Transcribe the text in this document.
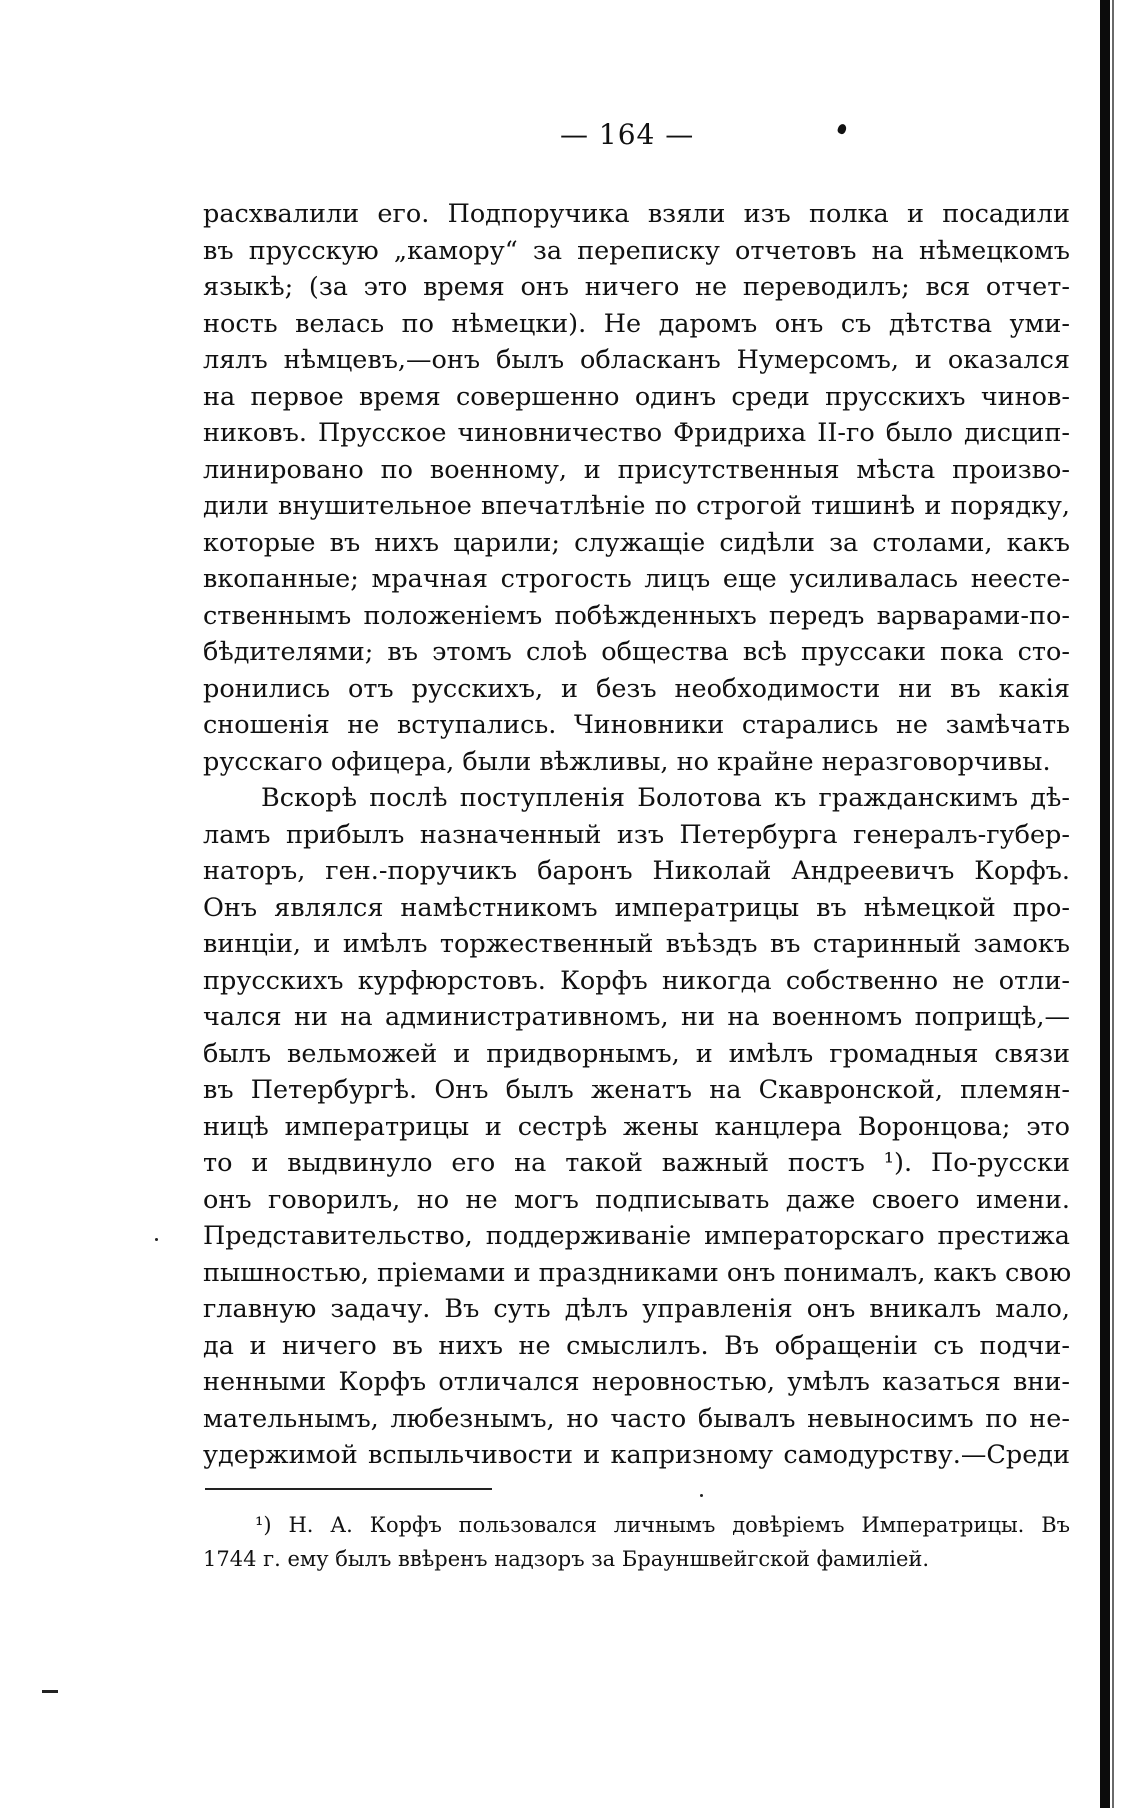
— 164 —
расхвалили его. Подпоручика взяли изъ полка и посадили
въ прусскую „камору“ за переписку отчетовъ на нѣмецкомъ
языкѣ; (за это время онъ ничего не переводилъ; вся отчет-
ность велась по нѣмецки). Не даромъ онъ съ дѣтства уми-
лялъ нѣмцевъ,—онъ былъ обласканъ Нумерсомъ, и оказался
на первое время совершенно одинъ среди прусскихъ чинов-
никовъ. Прусское чиновничество Фридриха II-го было дисцип-
линировано по военному, и присутственныя мѣста произво-
дили внушительное впечатлѣніе по строгой тишинѣ и порядку,
которые въ нихъ царили; служащіе сидѣли за столами, какъ
вкопанные; мрачная строгость лицъ еще усиливалась неесте-
ственнымъ положеніемъ побѣжденныхъ передъ варварами-по-
бѣдителями; въ этомъ слоѣ общества всѣ пруссаки пока сто-
ронились отъ русскихъ, и безъ необходимости ни въ какія
сношенія не вступались. Чиновники старались не замѣчать
русскаго офицера, были вѣжливы, но крайне неразговорчивы.
Вскорѣ послѣ поступленія Болотова къ гражданскимъ дѣ-
ламъ прибылъ назначенный изъ Петербурга генералъ-губер-
наторъ, ген.-поручикъ баронъ Николай Андреевичъ Корфъ.
Онъ являлся намѣстникомъ императрицы въ нѣмецкой про-
винціи, и имѣлъ торжественный въѣздъ въ старинный замокъ
прусскихъ курфюрстовъ. Корфъ никогда собственно не отли-
чался ни на административномъ, ни на военномъ поприщѣ,—
былъ вельможей и придворнымъ, и имѣлъ громадныя связи
въ Петербургѣ. Онъ былъ женатъ на Скавронской, племян-
ницѣ императрицы и сестрѣ жены канцлера Воронцова; это
то и выдвинуло его на такой важный постъ ¹). По-русски
онъ говорилъ, но не могъ подписывать даже своего имени.
Представительство, поддерживаніе императорскаго престижа
пышностью, пріемами и праздниками онъ понималъ, какъ свою
главную задачу. Въ суть дѣлъ управленія онъ вникалъ мало,
да и ничего въ нихъ не смыслилъ. Въ обращеніи съ подчи-
ненными Корфъ отличался неровностью, умѣлъ казаться вни-
мательнымъ, любезнымъ, но часто бывалъ невыносимъ по не-
удержимой вспыльчивости и капризному самодурству.—Среди
¹) Н. А. Корфъ пользовался личнымъ довѣріемъ Императрицы. Въ
1744 г. ему былъ ввѣренъ надзоръ за Брауншвейгской фамиліей.
